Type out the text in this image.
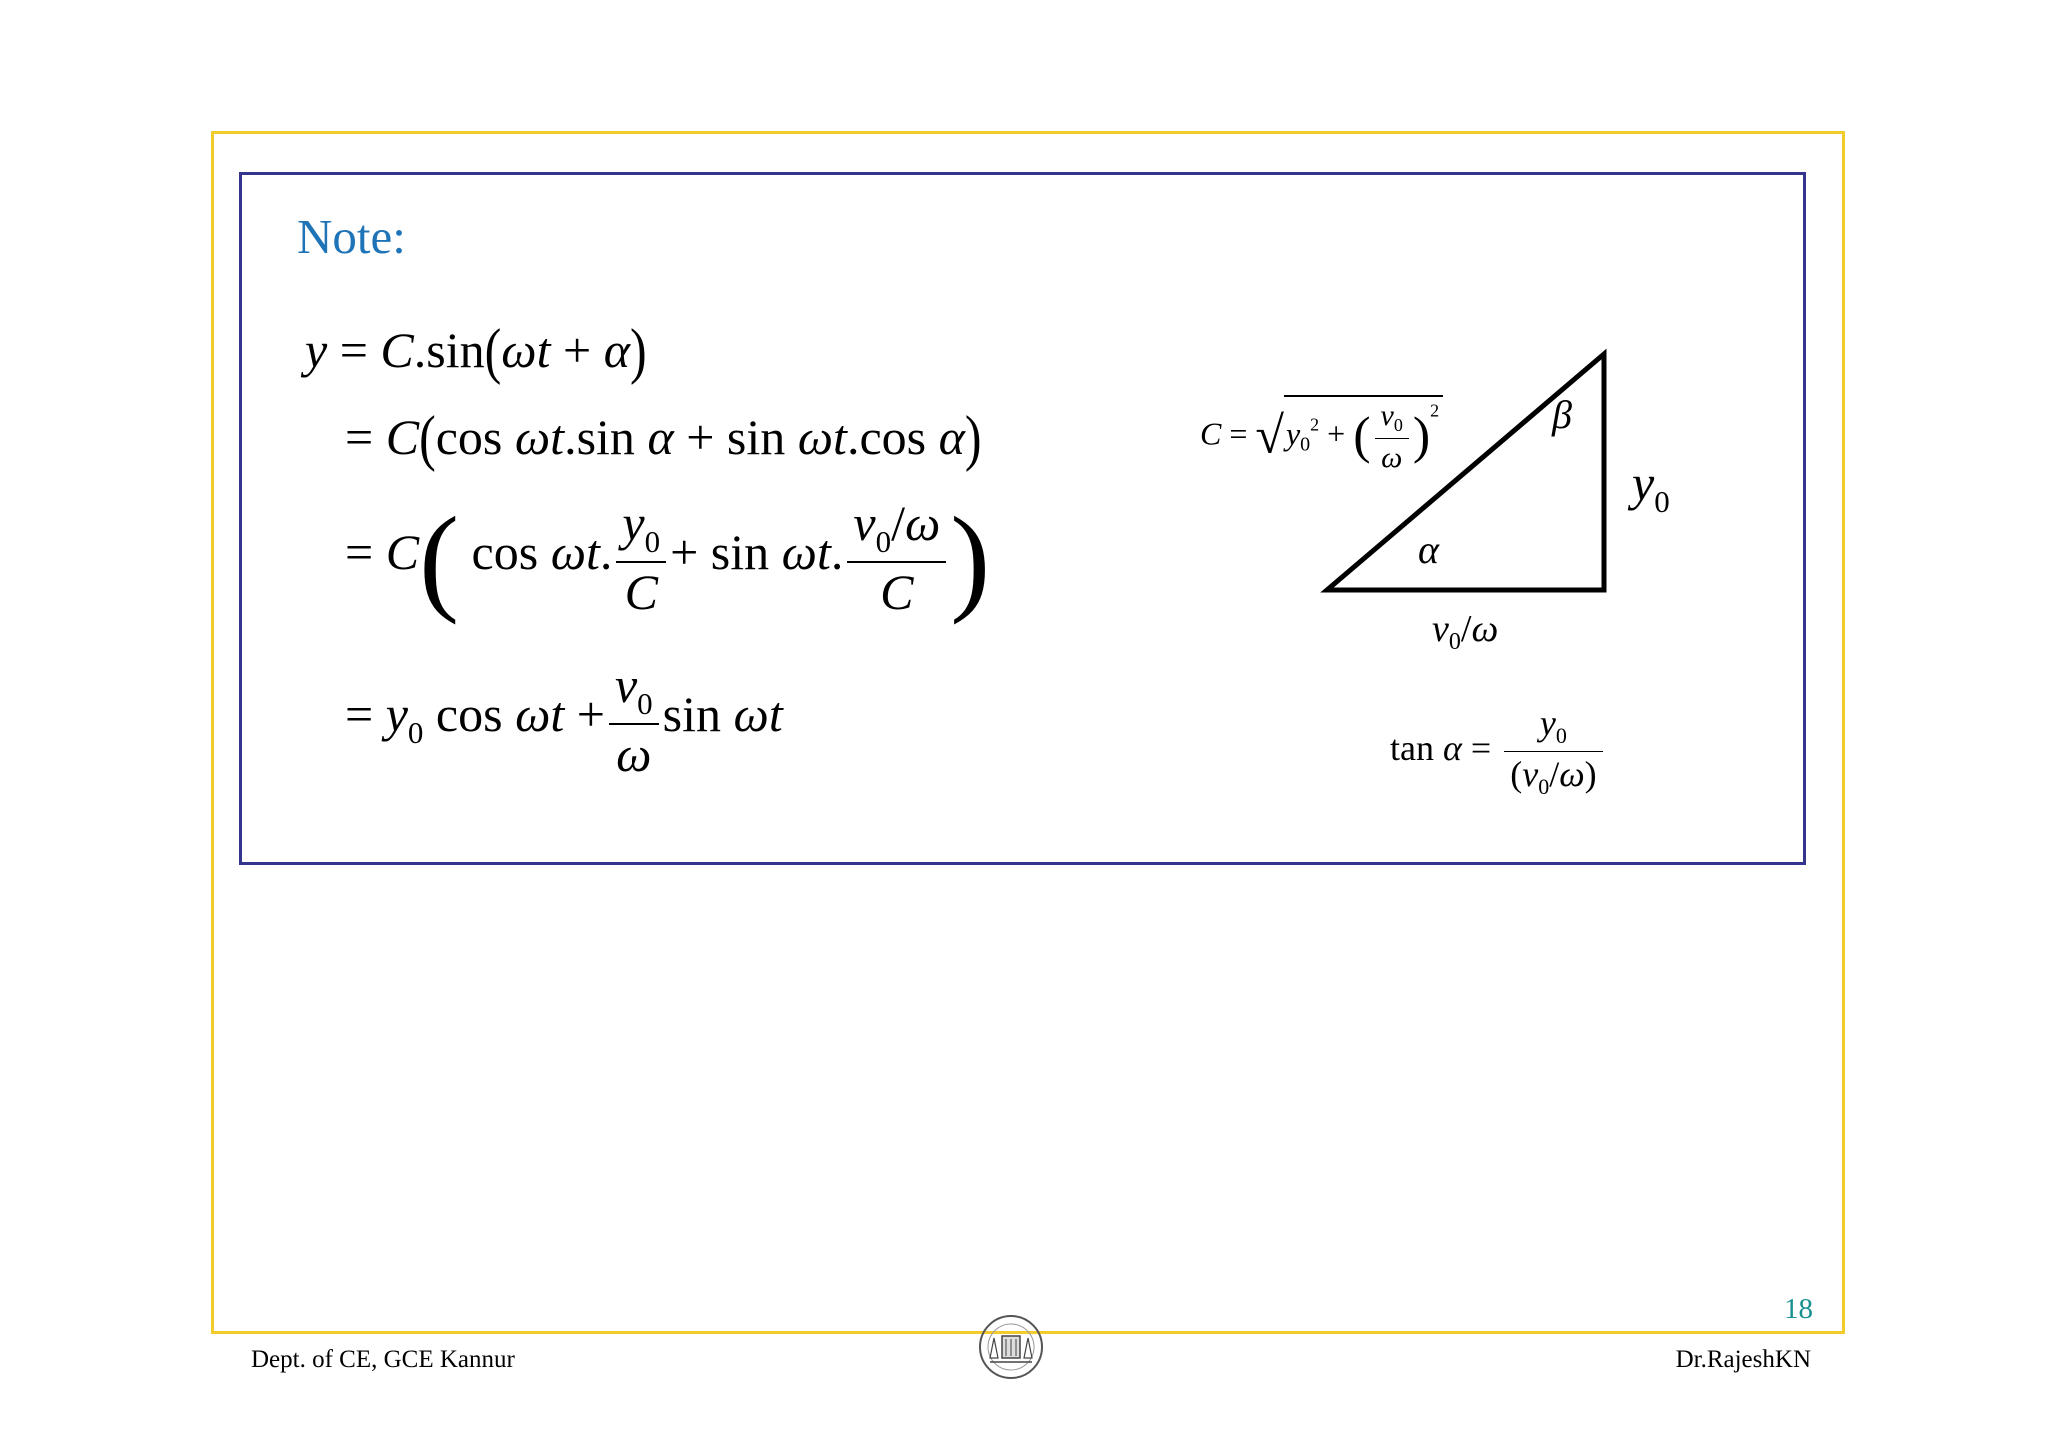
Note:
y = C.sin(ωt + α)
= C(cos ωt.sin α + sin ωt.cos α)
= C( cos ωt. $\frac{y_0}{C} + \sin \omega t$. $\frac{v_0/\omega}{C}$ )
= $y_0$ $\cos \omega t + \frac{v_0}{\omega}$ sin ωt
$C = √y_0^2$ + ( $\frac{v_0}{\omega} )^2$	β
α
$y_0$
$v_0/\omega$
$\tan \alpha = \frac{y_0}{(v_0/\omega)}$
18
Dept. of CE, GCE Kannur	Dr.RajeshKN
